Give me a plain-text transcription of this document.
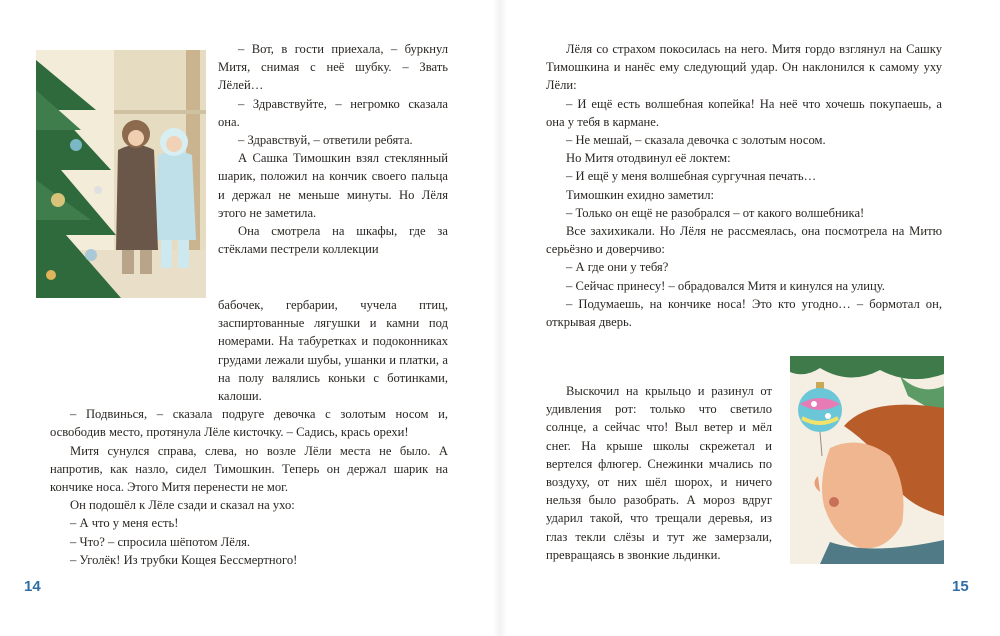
– Вот, в гости приехала, – буркнул Митя, снимая с неё шубку. – Звать Лёлей…

– Здравствуйте, – негромко сказала она.

– Здравствуй, – ответили ребята.

А Сашка Тимошкин взял стеклянный шарик, положил на кончик своего пальца и держал не меньше минуты. Но Лёля этого не заметила.

Она смотрела на шкафы, где за стёклами пестрели коллекции

бабочек, гербарии, чучела птиц, заспиртованные лягушки и камни под номерами. На табуретках и подоконниках грудами лежали шубы, ушанки и платки, а на полу валялись коньки с ботинками, калоши.

– Подвинься, – сказала подруге девочка с золотым носом и, освободив место, протянула Лёле кисточку. – Садись, крась орехи!

Митя сунулся справа, слева, но возле Лёли места не было. А напротив, как назло, сидел Тимошкин. Теперь он держал шарик на кончике носа. Этого Митя перенести не мог.

Он подошёл к Лёле сзади и сказал на ухо:

– А что у меня есть!

– Что? – спросила шёпотом Лёля.

– Уголёк! Из трубки Кощея Бессмертного!

14

Лёля со страхом покосилась на него. Митя гордо взглянул на Сашку Тимошкина и нанёс ему следующий удар. Он наклонился к самому уху Лёли:

– И ещё есть волшебная копейка! На неё что хочешь покупаешь, а она у тебя в кармане.

– Не мешай, – сказала девочка с золотым носом.

Но Митя отодвинул её локтем:

– И ещё у меня волшебная сургучная печать…

Тимошкин ехидно заметил:

– Только он ещё не разобрался – от какого волшебника!

Все захихикали. Но Лёля не рассмеялась, она посмотрела на Митю серьёзно и доверчиво:

– А где они у тебя?

– Сейчас принесу! – обрадовался Митя и кинулся на улицу.

– Подумаешь, на кончике носа! Это кто угодно… – бормотал он, открывая дверь.

Выскочил на крыльцо и разинул от удивления рот: только что светило солнце, а сейчас что! Выл ветер и мёл снег. На крыше школы скрежетал и вертелся флюгер. Снежинки мчались по воздуху, от них шёл шорох, и ничего нельзя было разобрать. А мороз вдруг ударил такой, что трещали деревья, из глаз текли слёзы и тут же замерзали, превращаясь в звонкие льдинки.

15
